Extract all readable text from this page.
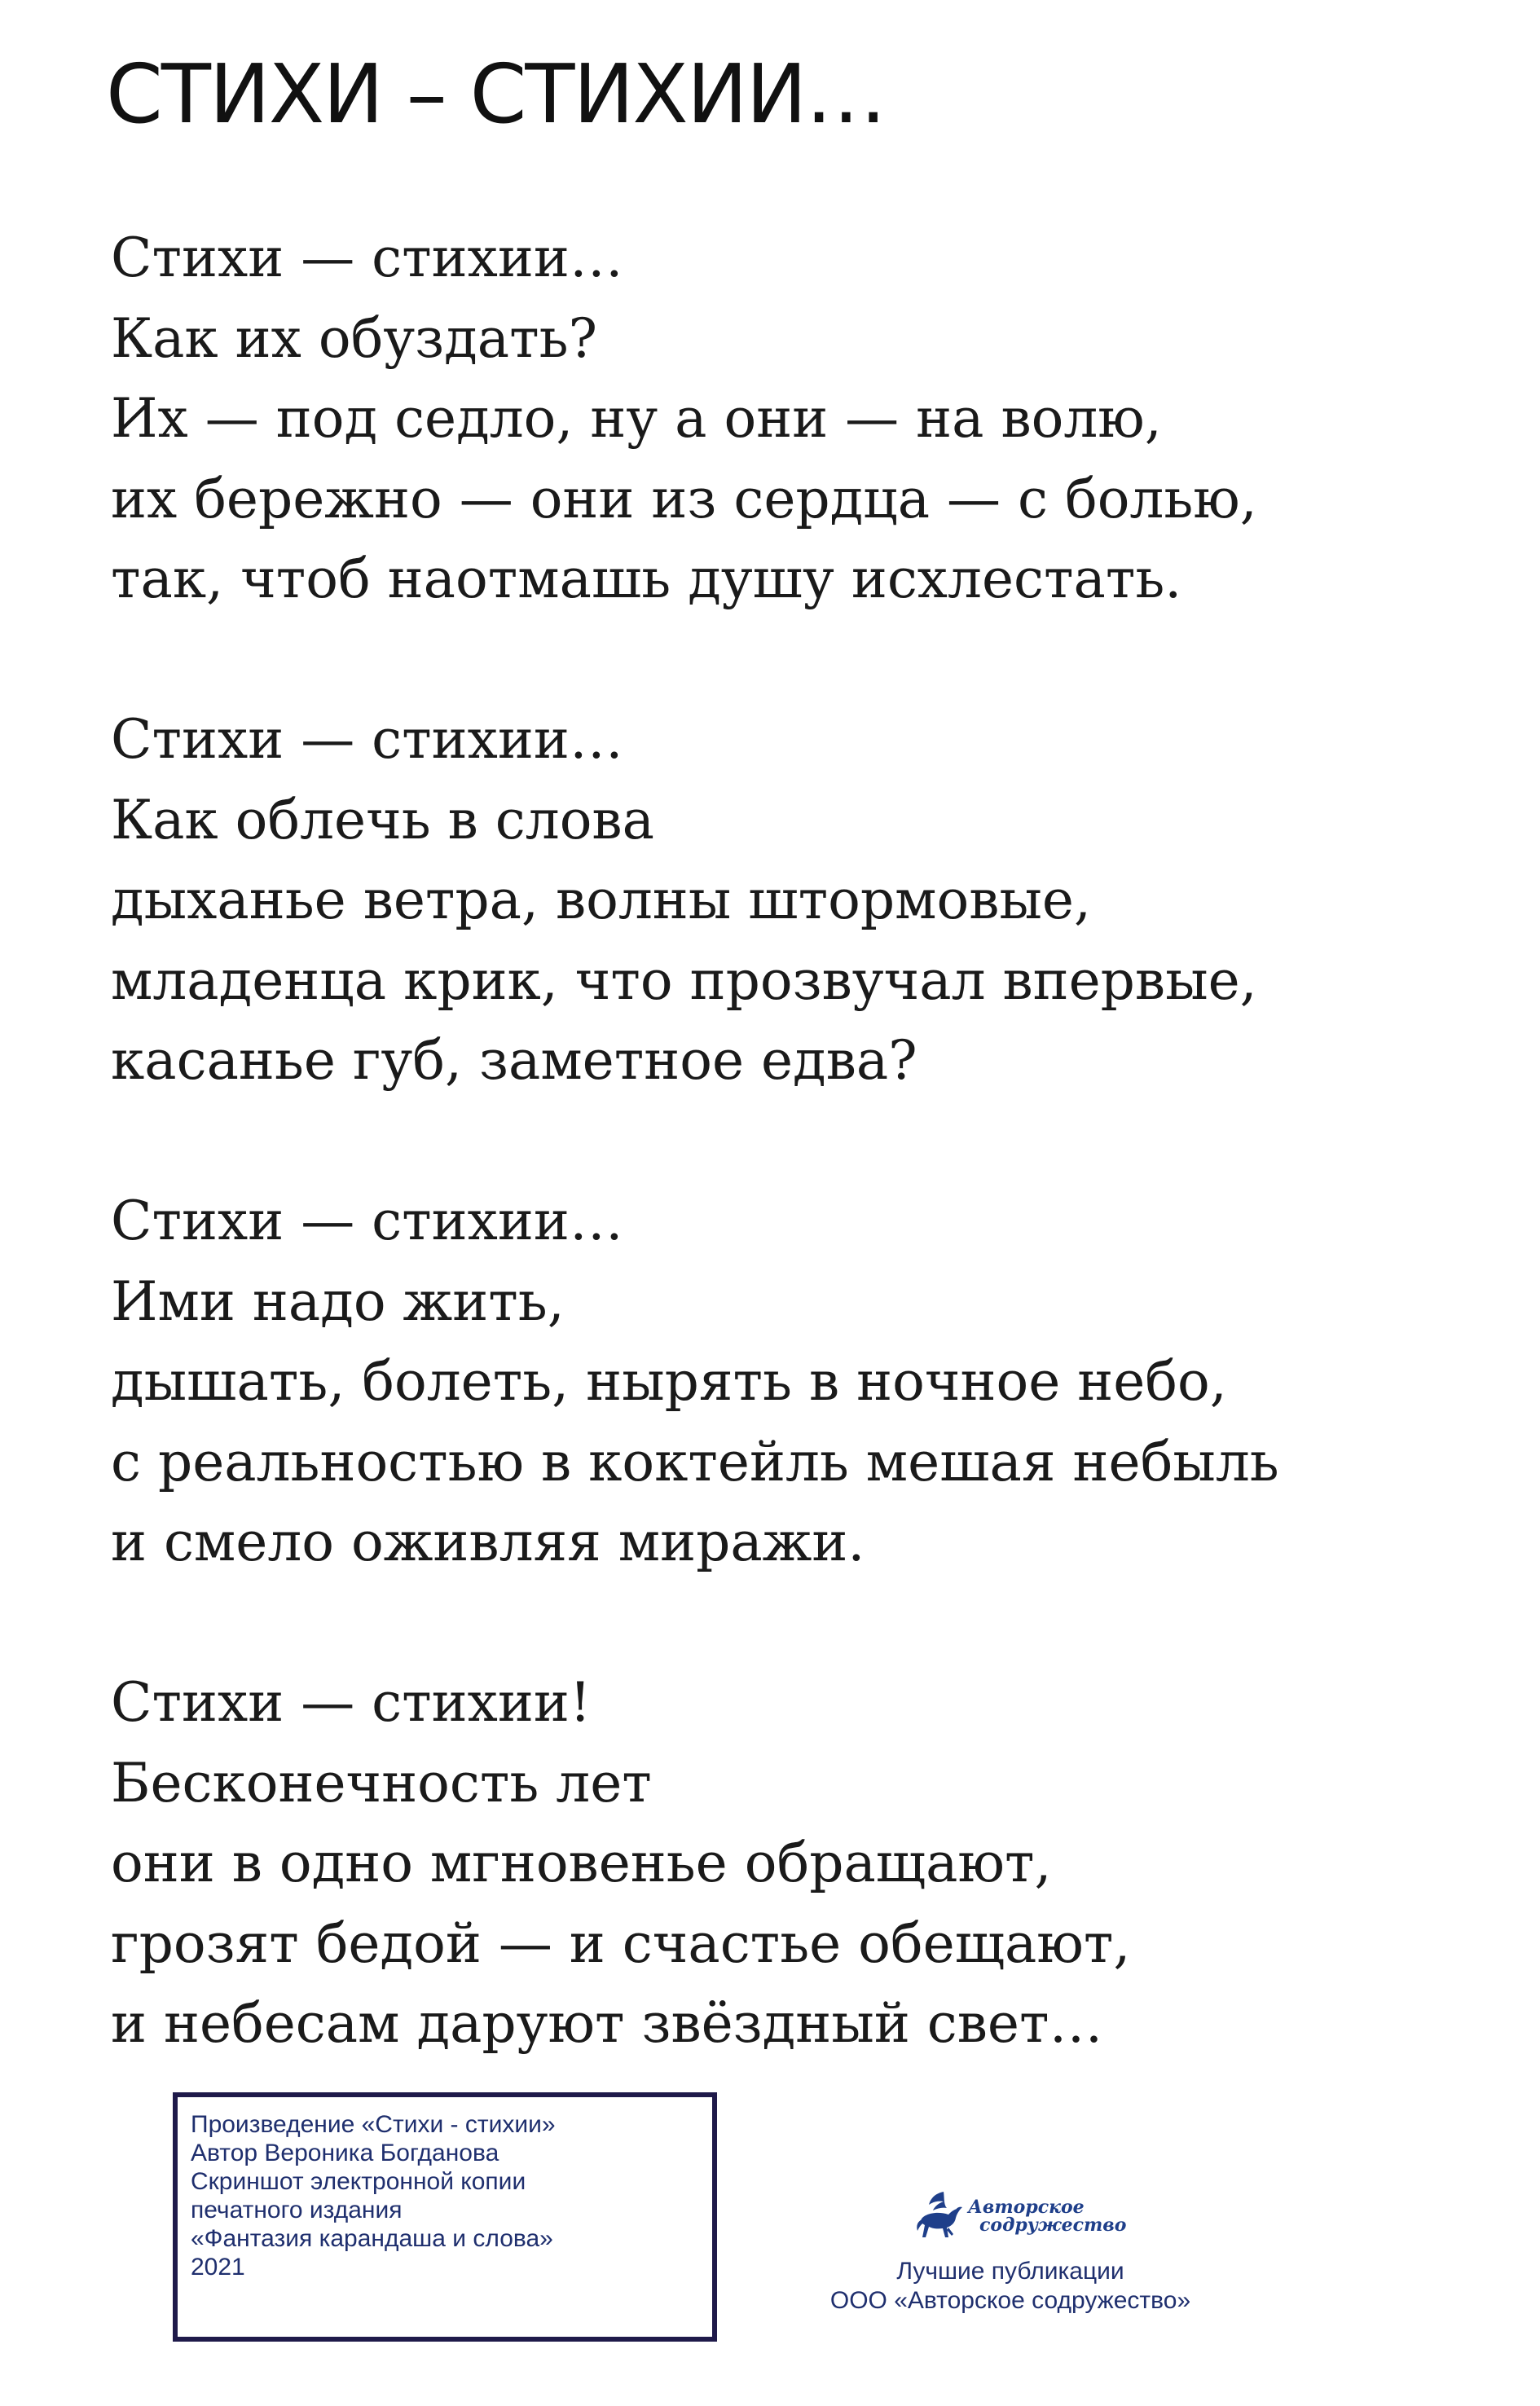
СТИХИ – СТИХИИ…
Стихи — стихии…
Как их обуздать?
Их — под седло, ну а они — на волю,
их бережно — они из сердца — с болью,
так, чтоб наотмашь душу исхлестать.
Стихи — стихии…
Как облечь в слова
дыханье ветра, волны штормовые,
младенца крик, что прозвучал впервые,
касанье губ, заметное едва?
Стихи — стихии…
Ими надо жить,
дышать, болеть, нырять в ночное небо,
с реальностью в коктейль мешая небыль
и смело оживляя миражи.
Стихи — стихии!
Бесконечность лет
они в одно мгновенье обращают,
грозят бедой — и счастье обещают,
и небесам даруют звёздный свет…
Произведение «Стихи - стихии»
Автор Вероника Богданова
Скриншот электронной копии
печатного издания
«Фантазия карандаша и слова»
2021
Авторское
содружество
Лучшие публикации
ООО «Авторское содружество»
